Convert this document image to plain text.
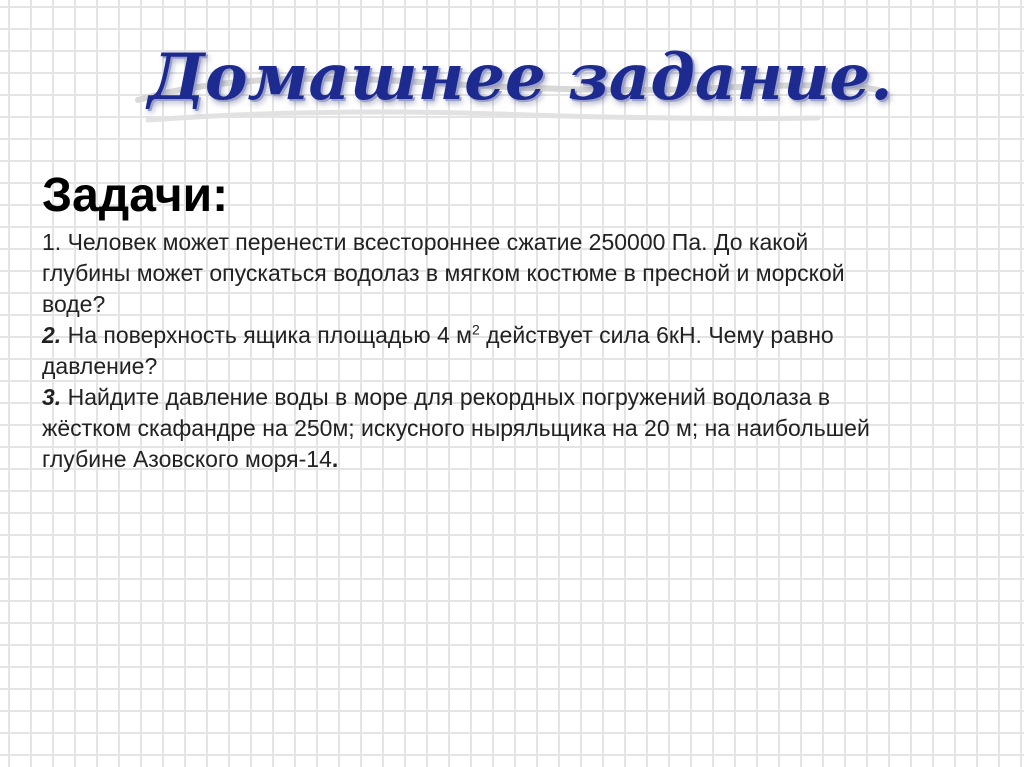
Домашнее задание.
Задачи:

1. Человек может перенести всестороннее сжатие 250000 Па. До какой глубины может опускаться водолаз в мягком костюме в пресной и морской воде?

2. На поверхность ящика площадью 4 $м^2$ действует сила 6кН. Чему равно давление?

3. Найдите давление воды в море для рекордных погружений водолаза в жёстком скафандре на 250м; искусного ныряльщика на 20 м; на наибольшей глубине Азовского моря-14.
